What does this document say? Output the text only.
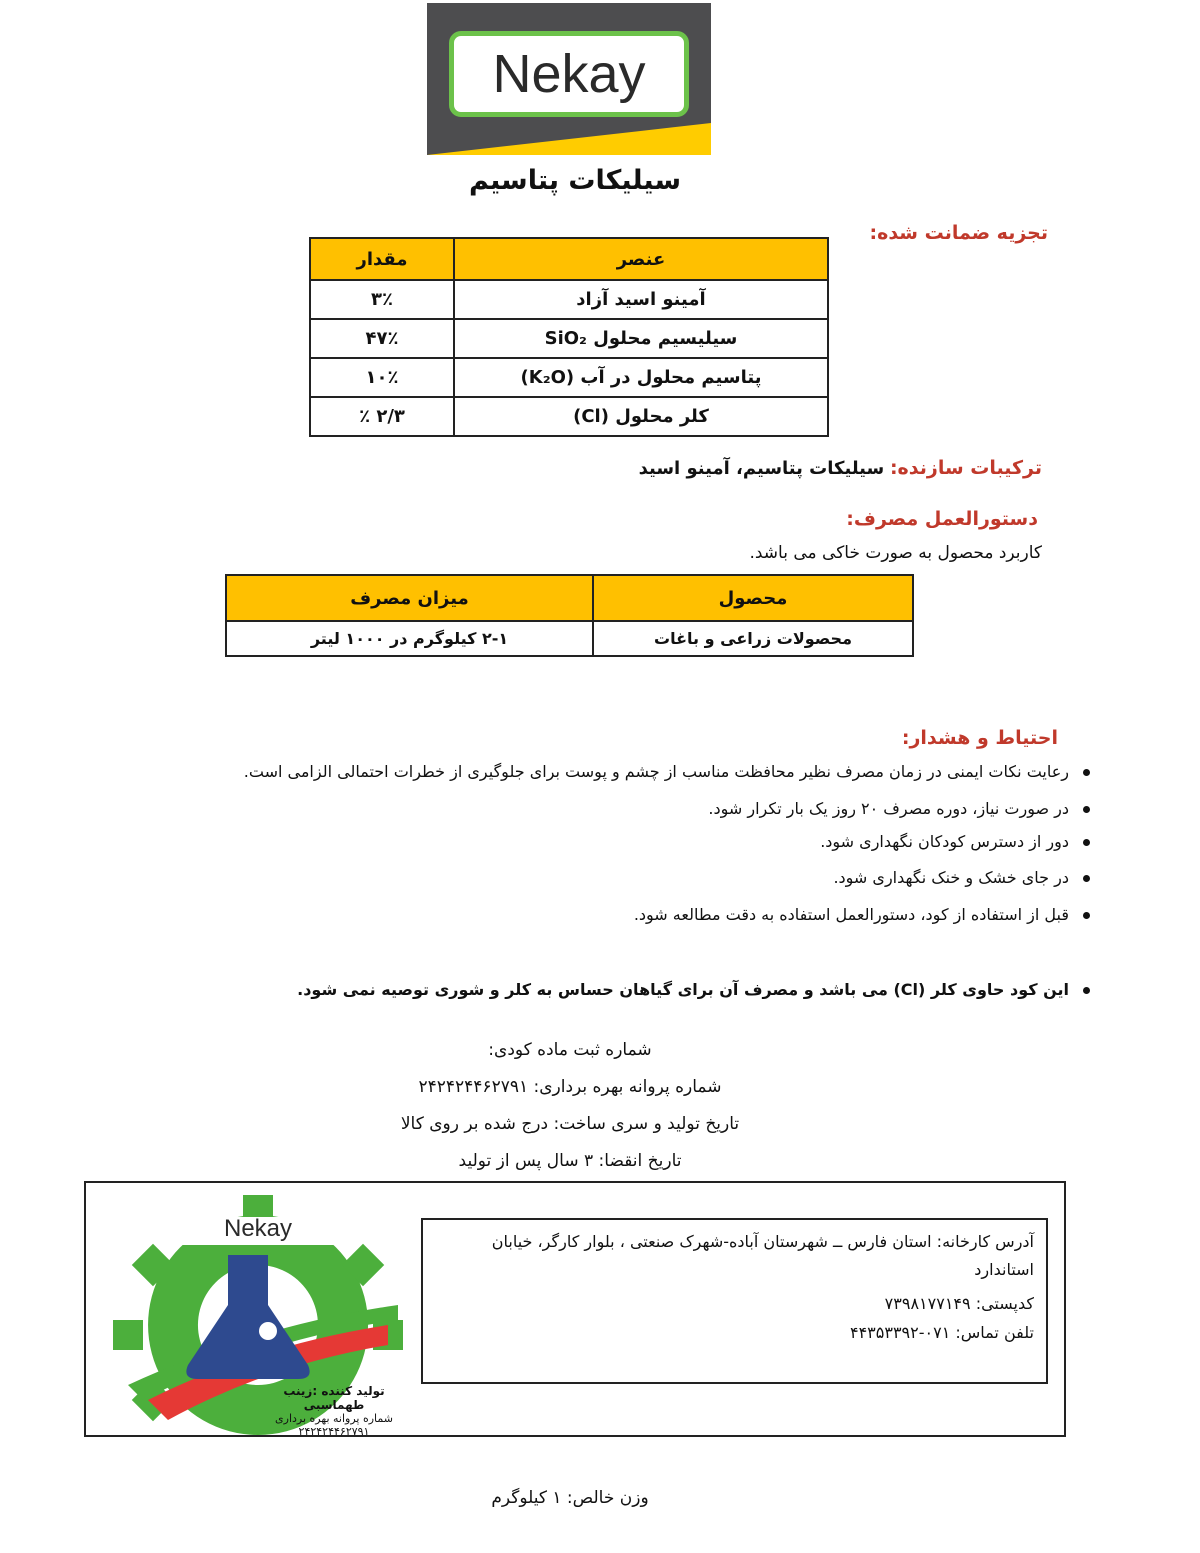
Nekay
سیلیکات پتاسیم
تجزیه ضمانت شده:
عنصر	مقدار
آمینو اسید آزاد	۳٪
سیلیسیم محلول SiO₂	۴۷٪
پتاسیم محلول در آب (K₂O)	۱۰٪
کلر محلول (Cl)	۲/۳ ٪
ترکیبات سازنده: سیلیکات پتاسیم، آمینو اسید
دستورالعمل مصرف:
کاربرد محصول به صورت خاکی می باشد.
محصول	میزان مصرف
محصولات زراعی و باغات	۲-۱ کیلوگرم در ۱۰۰۰ لیتر
احتیاط و هشدار:
رعایت نکات ایمنی در زمان مصرف نظیر محافظت مناسب از چشم و پوست برای جلوگیری از خطرات احتمالی الزامی است.
در صورت نیاز، دوره مصرف ۲۰ روز یک بار تکرار شود.
دور از دسترس کودکان نگهداری شود.
در جای خشک و خنک نگهداری شود.
قبل از استفاده از کود، دستورالعمل استفاده به دقت مطالعه شود.
این کود حاوی کلر (Cl) می باشد و مصرف آن برای گیاهان حساس به کلر و شوری توصیه نمی شود.
شماره ثبت ماده کودی:
شماره پروانه بهره برداری: ۲۴۲۴۲۴۴۶۲۷۹۱
تاریخ تولید و سری ساخت: درج شده بر روی کالا
تاریخ انقضا: ۳ سال پس از تولید
آدرس کارخانه: استان فارس ــ شهرستان آباده-شهرک صنعتی ، بلوار کارگر، خیابان استاندارد
کدپستی: ۷۳۹۸۱۷۷۱۴۹
تلفن تماس: ۰۷۱-۴۴۳۵۳۳۹۲
Nekay
تولید کننده :زینب طهماسبی
شماره پروانه بهره برداری
۲۴۲۴۲۴۴۶۲۷۹۱
وزن خالص: ۱ کیلوگرم
